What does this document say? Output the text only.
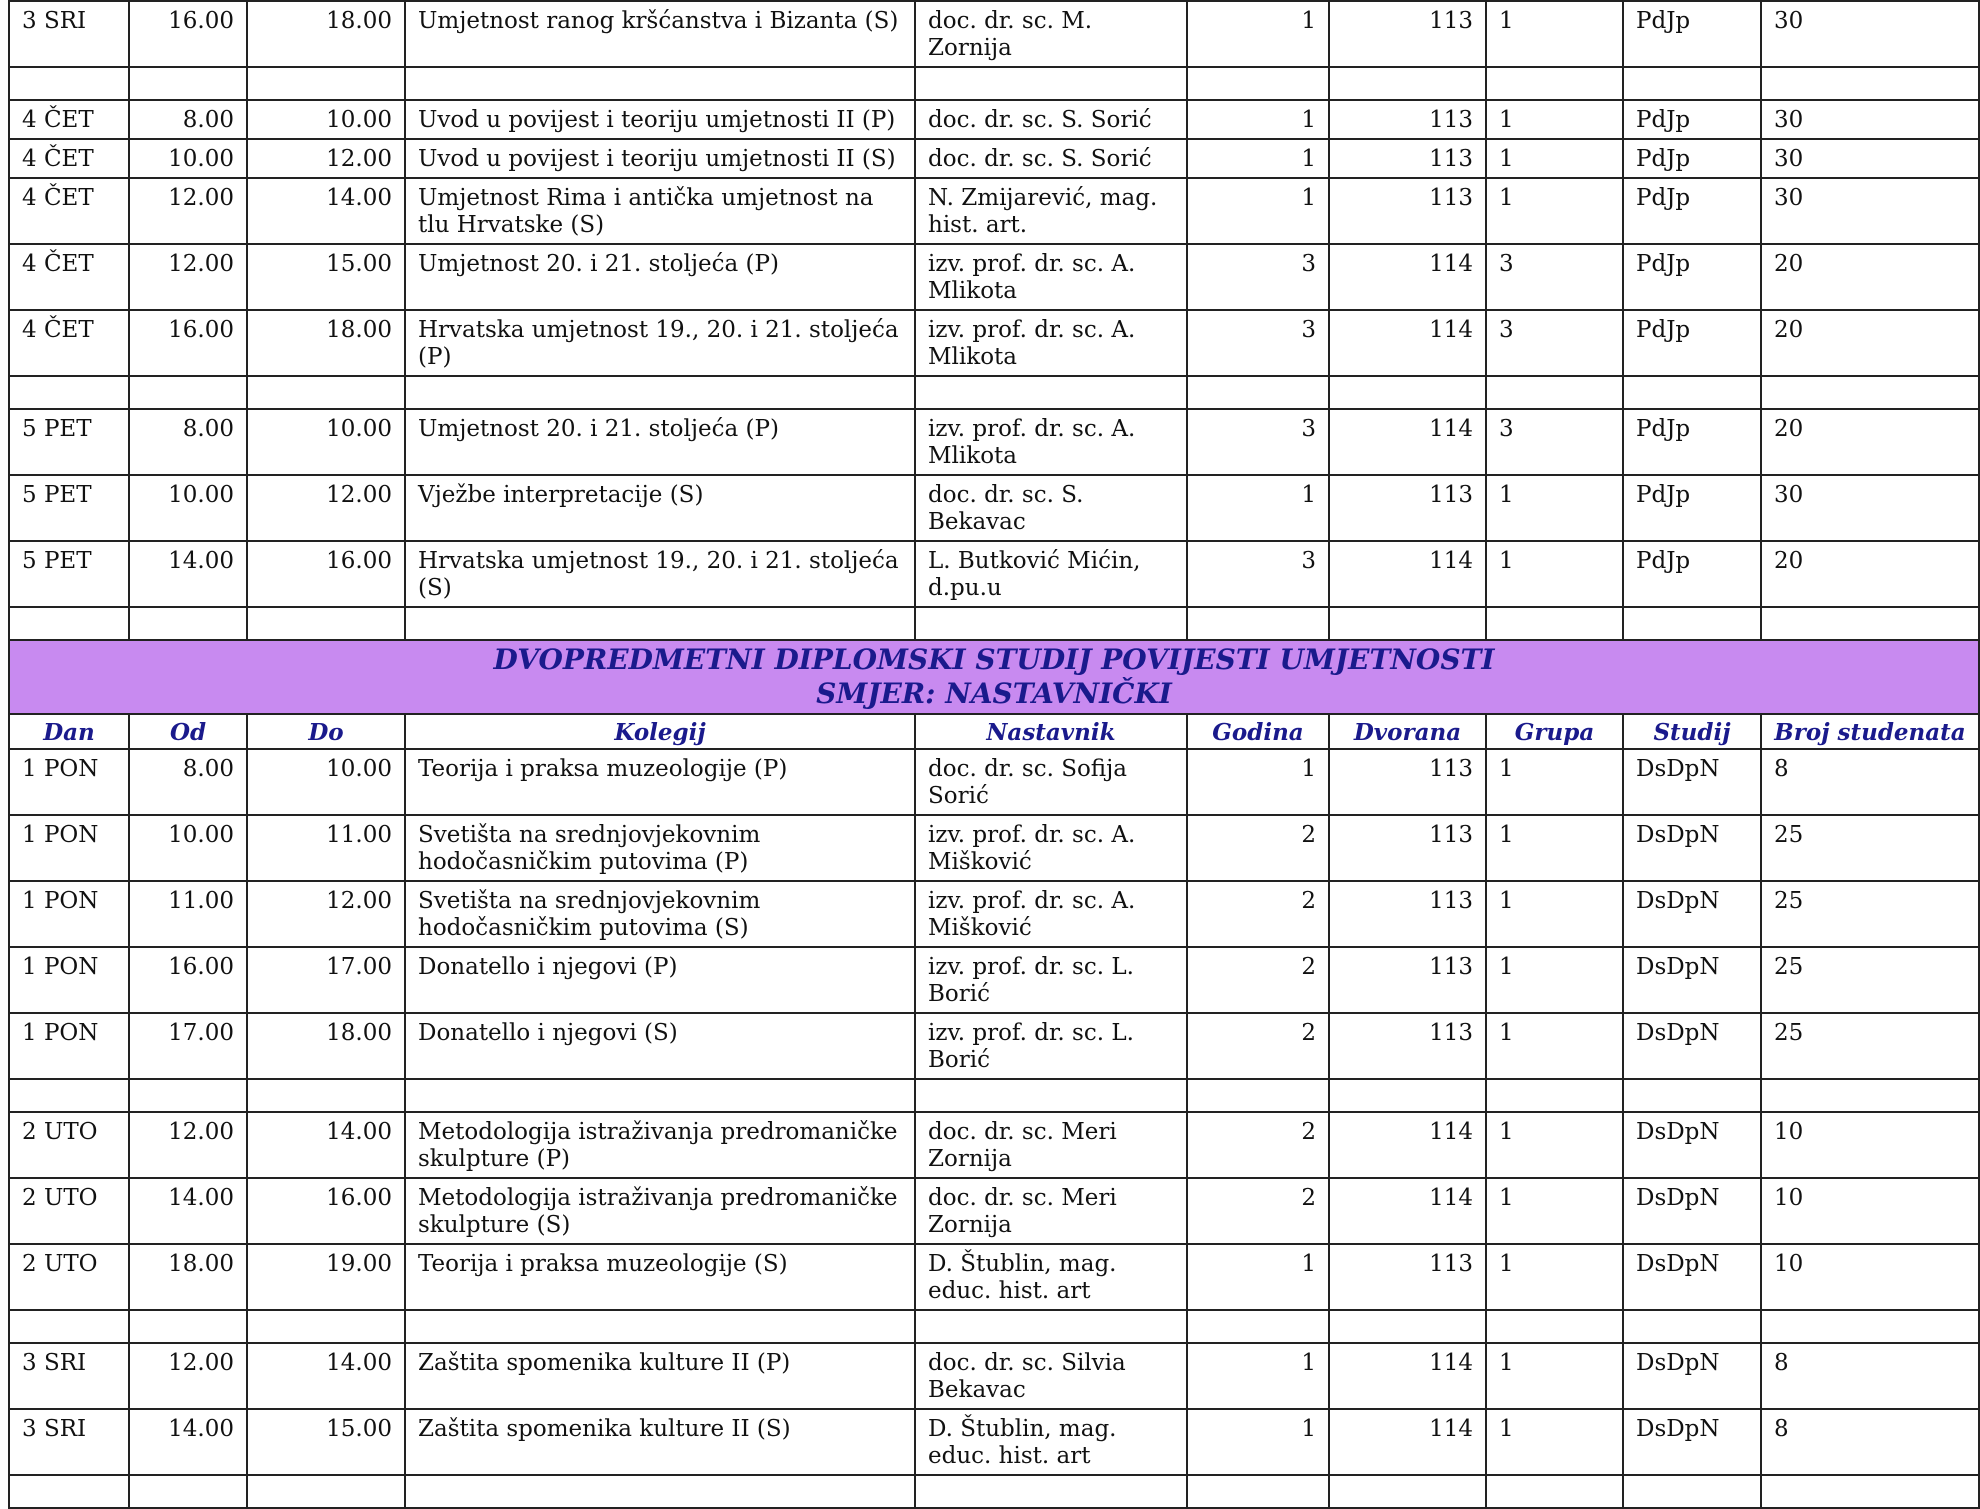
3 SRI	16.00	18.00	Umjetnost ranog kršćanstva i Bizanta (S)	doc. dr. sc. M. Zornija	1	113	1	PdJp	30

4 ČET	8.00	10.00	Uvod u povijest i teoriju umjetnosti II (P)	doc. dr. sc. S. Sorić	1	113	1	PdJp	30
4 ČET	10.00	12.00	Uvod u povijest i teoriju umjetnosti II (S)	doc. dr. sc. S. Sorić	1	113	1	PdJp	30
4 ČET	12.00	14.00	Umjetnost Rima i antička umjetnost na tlu Hrvatske (S)	N. Zmijarević, mag. hist. art.	1	113	1	PdJp	30
4 ČET	12.00	15.00	Umjetnost 20. i 21. stoljeća (P)	izv. prof. dr. sc. A. Mlikota	3	114	3	PdJp	20
4 ČET	16.00	18.00	Hrvatska umjetnost 19., 20. i 21. stoljeća (P)	izv. prof. dr. sc. A. Mlikota	3	114	3	PdJp	20

5 PET	8.00	10.00	Umjetnost 20. i 21. stoljeća (P)	izv. prof. dr. sc. A. Mlikota	3	114	3	PdJp	20
5 PET	10.00	12.00	Vježbe interpretacije (S)	doc. dr. sc. S. Bekavac	1	113	1	PdJp	30
5 PET	14.00	16.00	Hrvatska umjetnost 19., 20. i 21. stoljeća (S)	L. Butković Mićin, d.pu.u	3	114	1	PdJp	20

DVOPREDMETNI DIPLOMSKI STUDIJ POVIJESTI UMJETNOSTI
SMJER: NASTAVNIČKI									

Dan	Od	Do	Kolegij	Nastavnik	Godina	Dvorana	Grupa	Studij	Broj studenata
1 PON	8.00	10.00	Teorija i praksa muzeologije (P)	doc. dr. sc. Sofija Sorić	1	113	1	DsDpN	8
1 PON	10.00	11.00	Svetišta na srednjovjekovnim hodočasničkim putovima (P)	izv. prof. dr. sc. A. Mišković	2	113	1	DsDpN	25
1 PON	11.00	12.00	Svetišta na srednjovjekovnim hodočasničkim putovima (S)	izv. prof. dr. sc. A. Mišković	2	113	1	DsDpN	25
1 PON	16.00	17.00	Donatello i njegovi (P)	izv. prof. dr. sc. L. Borić	2	113	1	DsDpN	25
1 PON	17.00	18.00	Donatello i njegovi (S)	izv. prof. dr. sc. L. Borić	2	113	1	DsDpN	25

2 UTO	12.00	14.00	Metodologija istraživanja predromaničke skulpture (P)	doc. dr. sc. Meri Zornija	2	114	1	DsDpN	10
2 UTO	14.00	16.00	Metodologija istraživanja predromaničke skulpture (S)	doc. dr. sc. Meri Zornija	2	114	1	DsDpN	10
2 UTO	18.00	19.00	Teorija i praksa muzeologije (S)	D. Štublin, mag. educ. hist. art	1	113	1	DsDpN	10

3 SRI	12.00	14.00	Zaštita spomenika kulture II (P)	doc. dr. sc. Silvia Bekavac	1	114	1	DsDpN	8
3 SRI	14.00	15.00	Zaštita spomenika kulture II (S)	D. Štublin, mag. educ. hist. art	1	114	1	DsDpN	8
